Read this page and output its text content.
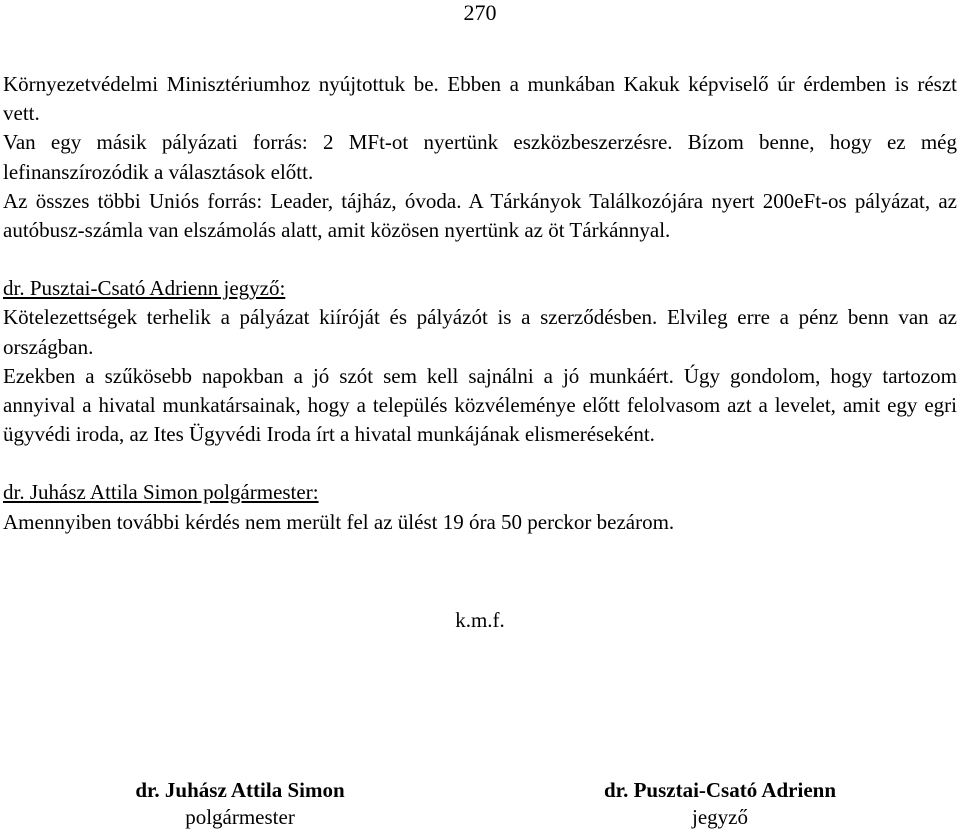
270

Környezetvédelmi Minisztériumhoz nyújtottuk be. Ebben a munkában Kakuk képviselő úr érdemben is részt vett.

Van egy másik pályázati forrás: 2 MFt-ot nyertünk eszközbeszerzésre. Bízom benne, hogy ez még lefinanszírozódik a választások előtt.

Az összes többi Uniós forrás: Leader, tájház, óvoda. A Tárkányok Találkozójára nyert 200eFt-os pályázat, az autóbusz-számla van elszámolás alatt, amit közösen nyertünk az öt Tárkánnyal.

dr. Pusztai-Csató Adrienn jegyző:

Kötelezettségek terhelik a pályázat kiíróját és pályázót is a szerződésben. Elvileg erre a pénz benn van az országban.

Ezekben a szűkösebb napokban a jó szót sem kell sajnálni a jó munkáért. Úgy gondolom, hogy tartozom annyival a hivatal munkatársainak, hogy a település közvéleménye előtt felolvasom azt a levelet, amit egy egri ügyvédi iroda, az Ites Ügyvédi Iroda írt a hivatal munkájának elismeréseként.

dr. Juhász Attila Simon polgármester:

Amennyiben további kérdés nem merült fel az ülést 19 óra 50 perckor bezárom.

k.m.f.
dr. Juhász Attila Simon
polgármester
dr. Pusztai-Csató Adrienn
jegyző
